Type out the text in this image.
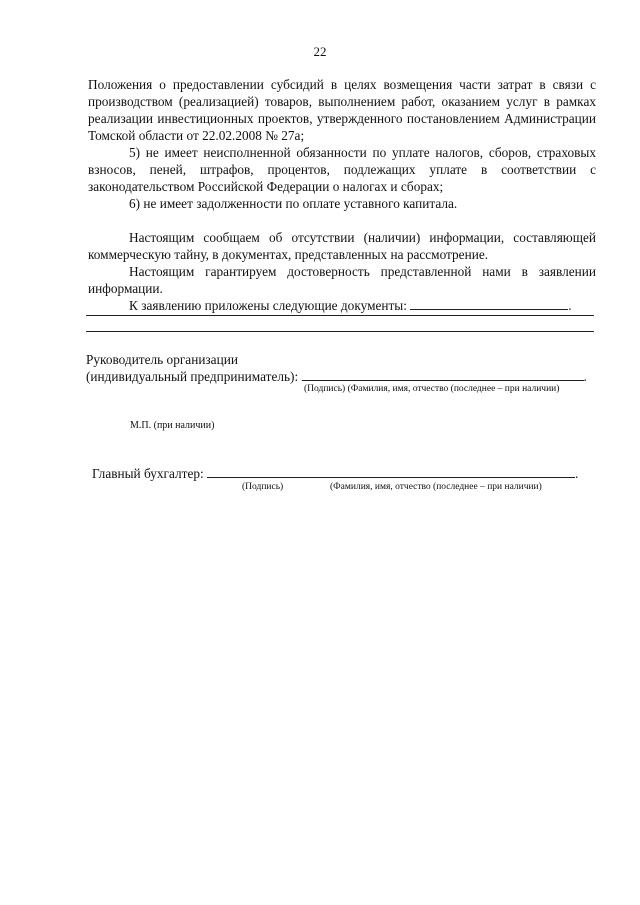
22

Положения о предоставлении субсидий в целях возмещения части затрат в связи с производством (реализацией) товаров, выполнением работ, оказанием услуг в рамках реализации инвестиционных проектов, утвержденного постановлением Администрации Томской области от 22.02.2008 № 27а;

5) не имеет неисполненной обязанности по уплате налогов, сборов, страховых взносов, пеней, штрафов, процентов, подлежащих уплате в соответствии с законодательством Российской Федерации о налогах и сборах;

6) не имеет задолженности по оплате уставного капитала.

Настоящим сообщаем об отсутствии (наличии) информации, составляющей коммерческую тайну, в документах, представленных на рассмотрение.

Настоящим гарантируем достоверность представленной нами в заявлении информации.

К заявлению приложены следующие документы:	.

Руководитель организации
(индивидуальный предприниматель):	.
(Подпись) (Фамилия, имя, отчество (последнее – при наличии)
М.П. (при наличии)
Главный бухгалтер:	.
(Подпись)	(Фамилия, имя, отчество (последнее – при наличии)
